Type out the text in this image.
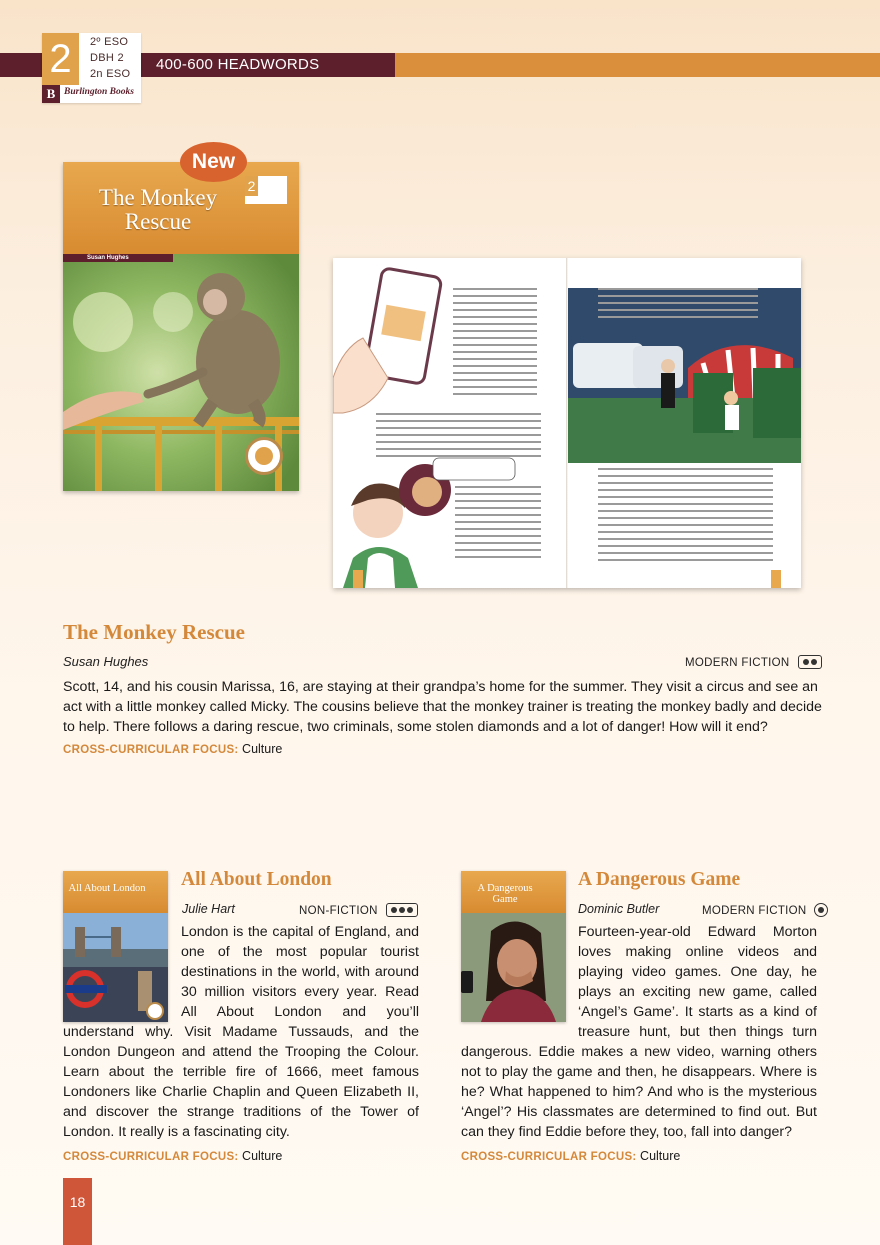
2	2º ESO
DBH 2
2n ESO
B Burlington Books
400-600 HEADWORDS
The Monkey Rescue
2
Susan Hughes
New
The Monkey Rescue
Susan Hughes	MODERN FICTION
Scott, 14, and his cousin Marissa, 16, are staying at their grandpa’s home for the summer. They visit a circus and see an act with a little monkey called Micky. The cousins believe that the monkey trainer is treating the monkey badly and decide to help. There follows a daring rescue, two criminals, some stolen diamonds and a lot of danger! How will it end?
CROSS-CURRICULAR FOCUS: Culture
All About London All About London
Julie Hart	NON-FICTION
London is the capital of England, and one of the most popular tourist destinations in the world, with around 30 million visitors every year. Read All About London and you’ll understand why. Visit Madame Tussauds, and the London Dungeon and attend the Trooping the Colour. Learn about the terrible fire of 1666, meet famous Londoners like Charlie Chaplin and Queen Elizabeth II, and discover the strange traditions of the Tower of London. It really is a fascinating city.
CROSS-CURRICULAR FOCUS: Culture
A Dangerous Game
A Dangerous Game
Dominic Butler	MODERN FICTION
Fourteen-year-old Edward Morton loves making online videos and playing video games. One day, he plays an exciting new game, called ‘Angel’s Game’. It starts as a kind of treasure hunt, but then things turn dangerous. Eddie makes a new video, warning others not to play the game and then, he disappears. Where is he? What happened to him? And who is the mysterious ‘Angel’? His classmates are determined to find out. But can they find Eddie before they, too, fall into danger?
CROSS-CURRICULAR FOCUS: Culture
18
